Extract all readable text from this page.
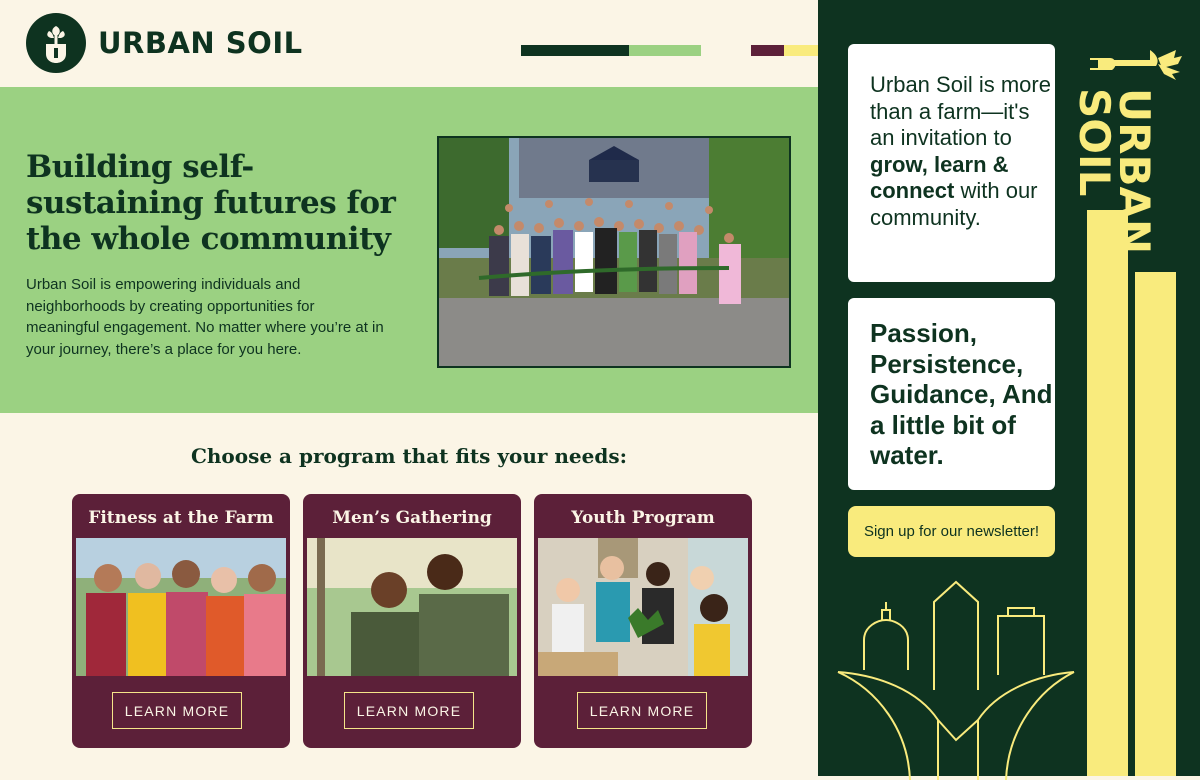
URBAN SOIL
Building self-sustaining futures for the whole community

Urban Soil is empowering individuals and neighborhoods by creating opportunities for meaningful engagement. No matter where you’re at in your journey, there’s a place for you here.

Choose a program that fits your needs:
Fitness at the Farm
LEARN MORE
Men’s Gathering
LEARN MORE
Youth Program
LEARN MORE
Urban Soil is more than a farm—it's an invitation to grow, learn & connect with our community.
Passion, Persistence, Guidance, And a little bit of water.
Sign up for our newsletter!
URBAN
SOIL
